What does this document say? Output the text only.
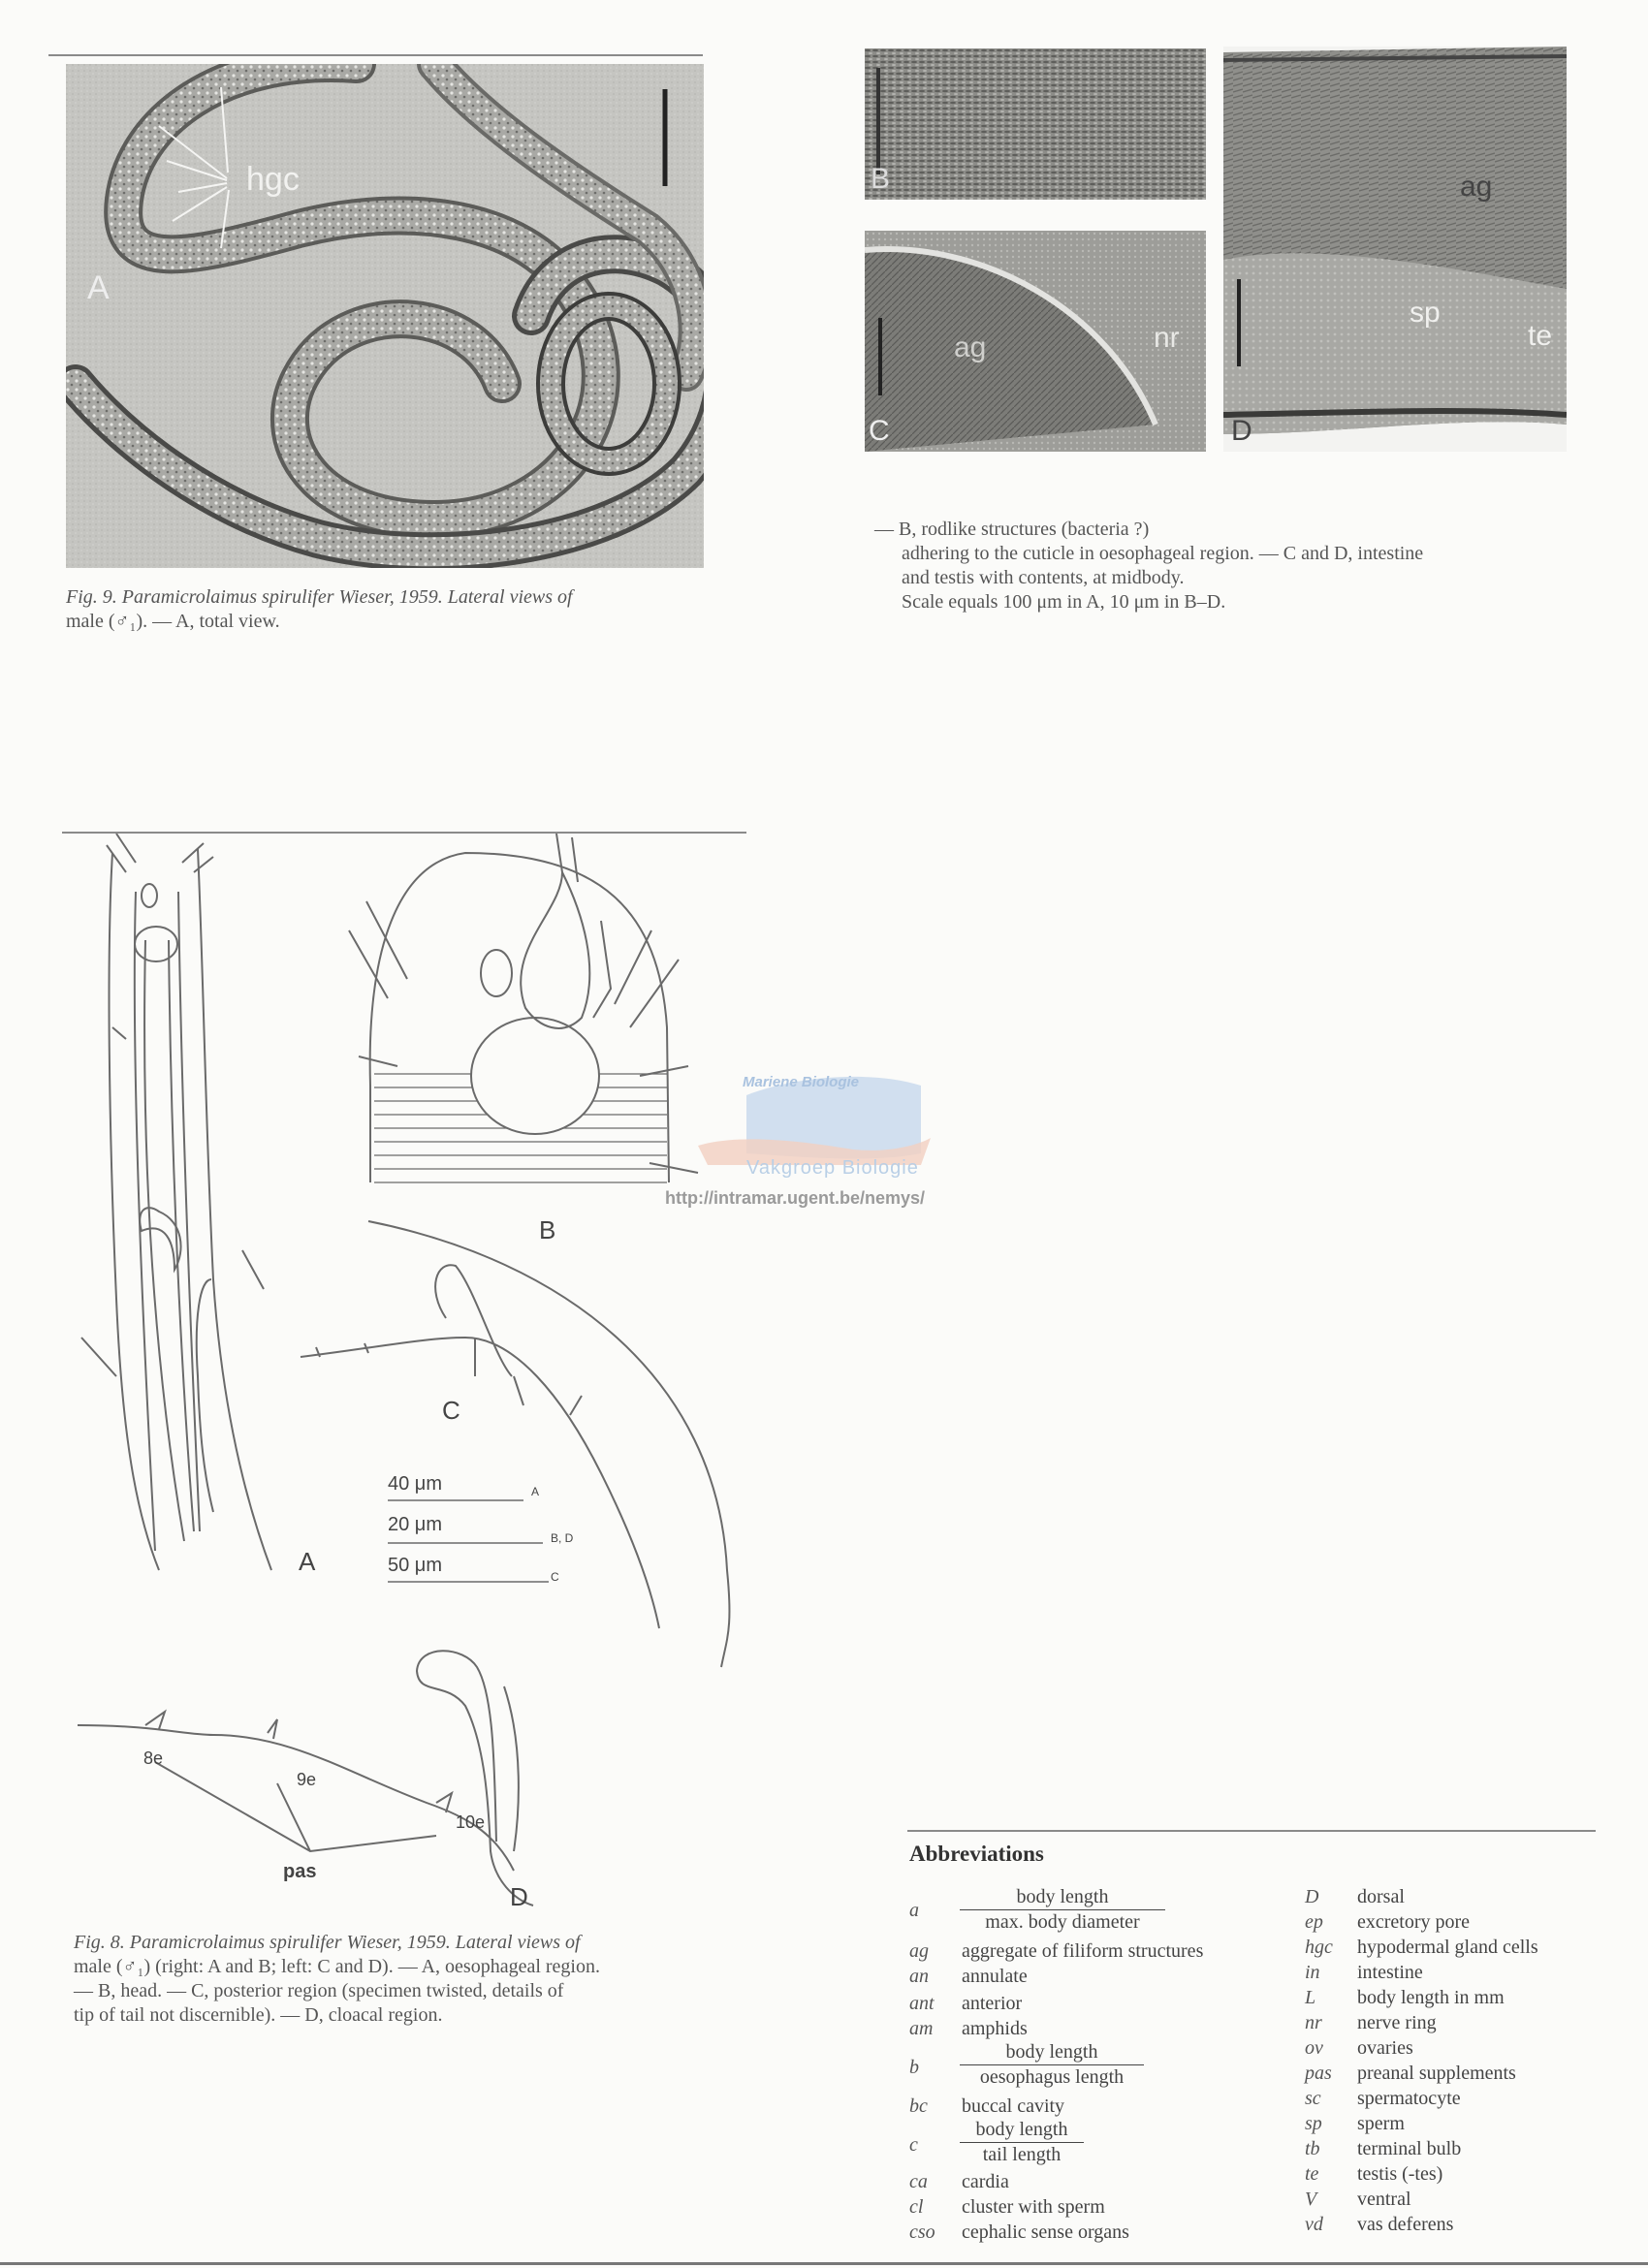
hgc
A
B
ag	nr
C
ag
sp
te
D
Fig. 9. Paramicrolaimus spirulifer Wieser, 1959. Lateral views of
male (♂₁). — A, total view.
— B, rodlike structures (bacteria ?)
adhering to the cuticle in oesophageal region. — C and D, intestine
and testis with contents, at midbody.
Scale equals 100 μm in A, 10 μm in B–D.
A
B
C
D
pas
8e
9e
10e
40 μm	A
20 μm
B, D
50 μm
C
Mariene Biologie
Vakgroep Biologie
http://intramar.ugent.be/nemys/
Fig. 8. Paramicrolaimus spirulifer Wieser, 1959. Lateral views of
male (♂₁) (right: A and B; left: C and D). — A, oesophageal region.
— B, head. — C, posterior region (specimen twisted, details of
tip of tail not discernible). — D, cloacal region.
Abbreviations
a
body length
max. body diameter
ag aggregate of filiform structures
an annulate
ant anterior
am amphids
b
body length
oesophagus length
bc buccal cavity
c
body length
tail length
ca cardia
cl cluster with sperm
cso cephalic sense organs
D dorsal
ep excretory pore
hgc hypodermal gland cells
in intestine
L body length in mm
nr nerve ring
ov ovaries
pas preanal supplements
sc spermatocyte
sp sperm
tb terminal bulb
te testis (-tes)
V ventral
vd vas deferens
